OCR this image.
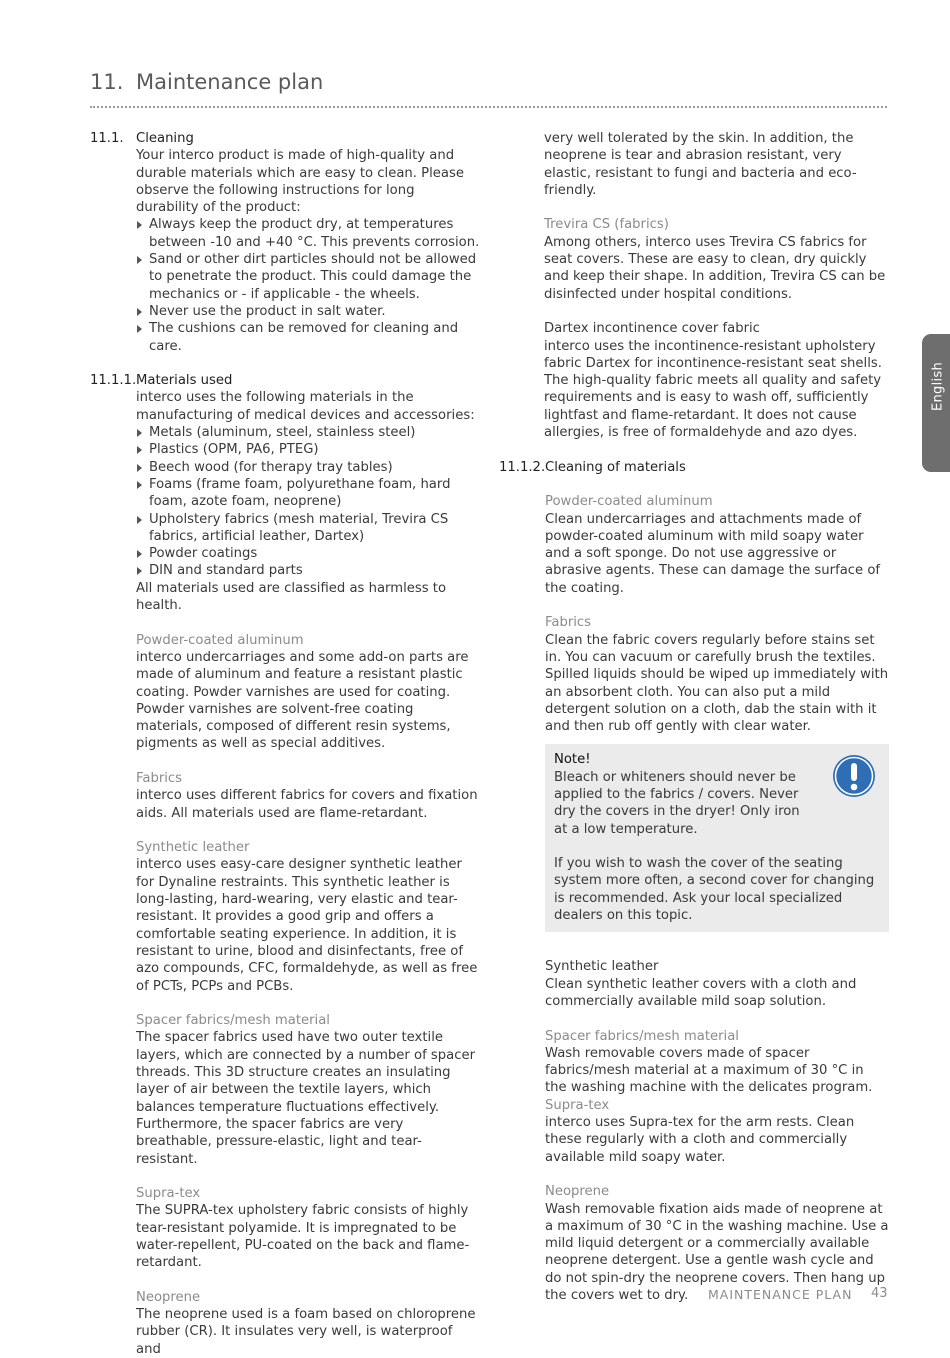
11. Maintenance plan
11.1. Cleaning

Your interco product is made of high-quality and durable materials which are easy to clean. Please observe the following instructions for long durability of the product:

Always keep the product dry, at temperatures between -10 and +40 °C. This prevents corrosion.
Sand or other dirt particles should not be allowed to penetrate the product. This could damage the mechanics or - if applicable - the wheels.
Never use the product in salt water.
The cushions can be removed for cleaning and care.
11.1.1. Materials used

interco uses the following materials in the manufacturing of medical devices and accessories:

Metals (aluminum, steel, stainless steel)
Plastics (OPM, PA6, PTEG)
Beech wood (for therapy tray tables)
Foams (frame foam, polyurethane foam, hard foam, azote foam, neoprene)
Upholstery fabrics (mesh material, Trevira CS fabrics, artificial leather, Dartex)
Powder coatings
DIN and standard parts

All materials used are classified as harmless to health.

Powder-coated aluminum

interco undercarriages and some add-on parts are made of aluminum and feature a resistant plastic coating. Powder varnishes are used for coating. Powder varnishes are solvent-free coating materials, composed of different resin systems, pigments as well as special additives.

Fabrics

interco uses different fabrics for covers and fixation aids. All materials used are flame-retardant.

Synthetic leather

interco uses easy-care designer synthetic leather for Dynaline restraints. This synthetic leather is long-lasting, hard-wearing, very elastic and tear-resistant. It provides a good grip and offers a comfortable seating experience. In addition, it is resistant to urine, blood and disinfectants, free of azo compounds, CFC, formaldehyde, as well as free of PCTs, PCPs and PCBs.

Spacer fabrics/mesh material

The spacer fabrics used have two outer textile layers, which are connected by a number of spacer threads. This 3D structure creates an insulating layer of air between the textile layers, which balances temperature fluctuations effectively. Furthermore, the spacer fabrics are very breathable, pressure-elastic, light and tear-resistant.

Supra-tex

The SUPRA-tex upholstery fabric consists of highly tear-resistant polyamide. It is impregnated to be water-repellent, PU-coated on the back and flame-retardant.

Neoprene

The neoprene used is a foam based on chloroprene rubber (CR). It insulates very well, is waterproof and

very well tolerated by the skin. In addition, the neoprene is tear and abrasion resistant, very elastic, resistant to fungi and bacteria and eco-friendly.

Trevira CS (fabrics)

Among others, interco uses Trevira CS fabrics for seat covers. These are easy to clean, dry quickly and keep their shape. In addition, Trevira CS can be disinfected under hospital conditions.

Dartex incontinence cover fabric

interco uses the incontinence-resistant upholstery fabric Dartex for incontinence-resistant seat shells. The high-quality fabric meets all quality and safety requirements and is easy to wash off, sufficiently lightfast and flame-retardant. It does not cause allergies, is free of formaldehyde and azo dyes.

11.1.2. Cleaning of materials
Powder-coated aluminum

Clean undercarriages and attachments made of powder-coated aluminum with mild soapy water and a soft sponge. Do not use aggressive or abrasive agents. These can damage the surface of the coating.

Fabrics

Clean the fabric covers regularly before stains set in. You can vacuum or carefully brush the textiles. Spilled liquids should be wiped up immediately with an absorbent cloth. You can also put a mild detergent solution on a cloth, dab the stain with it and then rub off gently with clear water.

Note!
Bleach or whiteners should never be applied to the fabrics / covers. Never dry the covers in the dryer! Only iron at a low temperature.
If you wish to wash the cover of the seating system more often, a second cover for changing is recommended. Ask your local specialized dealers on this topic.
Synthetic leather

Clean synthetic leather covers with a cloth and commercially available mild soap solution.

Spacer fabrics/mesh material

Wash removable covers made of spacer fabrics/mesh material at a maximum of 30 °C in the washing machine with the delicates program.

Supra-tex

interco uses Supra-tex for the arm rests. Clean these regularly with a cloth and commercially available mild soapy water.

Neoprene

Wash removable fixation aids made of neoprene at a maximum of 30 °C in the washing machine. Use a mild liquid detergent or a commercially available neoprene detergent. Use a gentle wash cycle and do not spin-dry the neoprene covers. Then hang up the covers wet to dry.

English
MAINTENANCE PLAN 43
